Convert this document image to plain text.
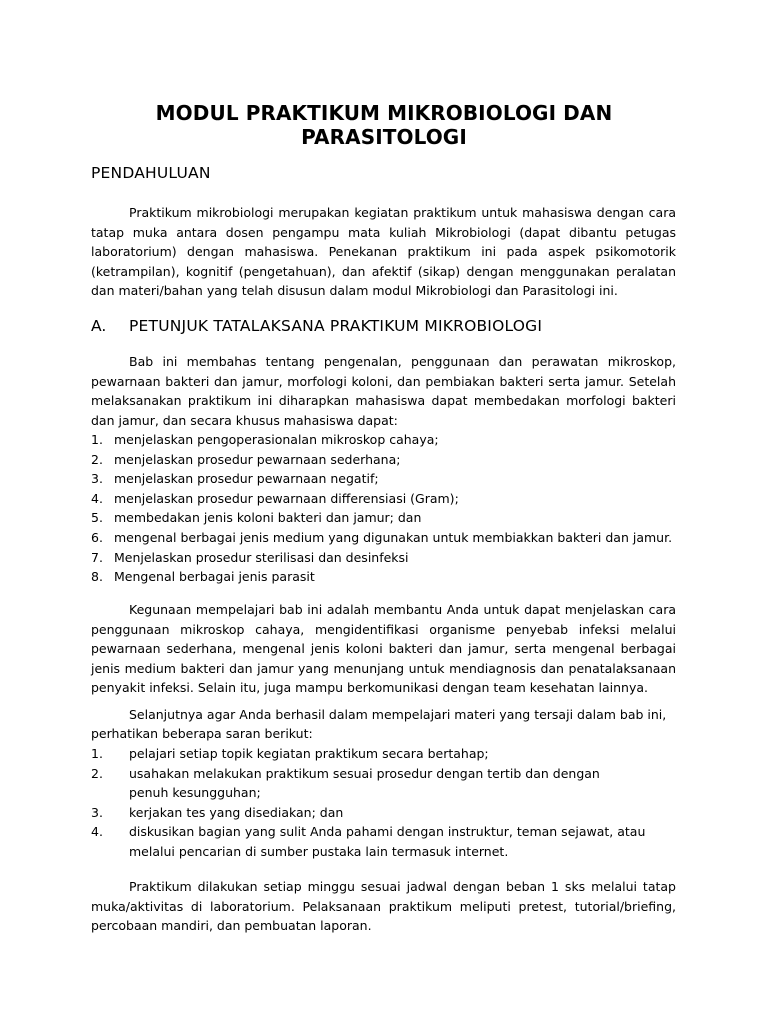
MODUL PRAKTIKUM MIKROBIOLOGI DAN
PARASITOLOGI
PENDAHULUAN

Praktikum mikrobiologi merupakan kegiatan praktikum untuk mahasiswa dengan cara tatap muka antara dosen pengampu mata kuliah Mikrobiologi (dapat dibantu petugas laboratorium) dengan mahasiswa. Penekanan praktikum ini pada aspek psikomotorik (ketrampilan), kognitif (pengetahuan), dan afektif (sikap) dengan menggunakan peralatan dan materi/bahan yang telah disusun dalam modul Mikrobiologi dan Parasitologi ini.

A. PETUNJUK TATALAKSANA PRAKTIKUM MIKROBIOLOGI

Bab ini membahas tentang pengenalan, penggunaan dan perawatan mikroskop, pewarnaan bakteri dan jamur, morfologi koloni, dan pembiakan bakteri serta jamur. Setelah melaksanakan praktikum ini diharapkan mahasiswa dapat membedakan morfologi bakteri dan jamur, dan secara khusus mahasiswa dapat:

1. menjelaskan pengoperasionalan mikroskop cahaya;
2. menjelaskan prosedur pewarnaan sederhana;
3. menjelaskan prosedur pewarnaan negatif;
4. menjelaskan prosedur pewarnaan differensiasi (Gram);
5. membedakan jenis koloni bakteri dan jamur; dan
6. mengenal berbagai jenis medium yang digunakan untuk membiakkan bakteri dan jamur.
7. Menjelaskan prosedur sterilisasi dan desinfeksi
8. Mengenal berbagai jenis parasit

Kegunaan mempelajari bab ini adalah membantu Anda untuk dapat menjelaskan cara penggunaan mikroskop cahaya, mengidentifikasi organisme penyebab infeksi melalui pewarnaan sederhana, mengenal jenis koloni bakteri dan jamur, serta mengenal berbagai jenis medium bakteri dan jamur yang menunjang untuk mendiagnosis dan penatalaksanaan penyakit infeksi. Selain itu, juga mampu berkomunikasi dengan team kesehatan lainnya.

Selanjutnya agar Anda berhasil dalam mempelajari materi yang tersaji dalam bab ini,

perhatikan beberapa saran berikut:

1. pelajari setiap topik kegiatan praktikum secara bertahap;
2. usahakan melakukan praktikum sesuai prosedur dengan tertib dan dengan penuh kesungguhan;
3. kerjakan tes yang disediakan; dan
4. diskusikan bagian yang sulit Anda pahami dengan instruktur, teman sejawat, atau melalui pencarian di sumber pustaka lain termasuk internet.

Praktikum dilakukan setiap minggu sesuai jadwal dengan beban 1 sks melalui tatap muka/aktivitas di laboratorium. Pelaksanaan praktikum meliputi pretest, tutorial/briefing, percobaan mandiri, dan pembuatan laporan.
